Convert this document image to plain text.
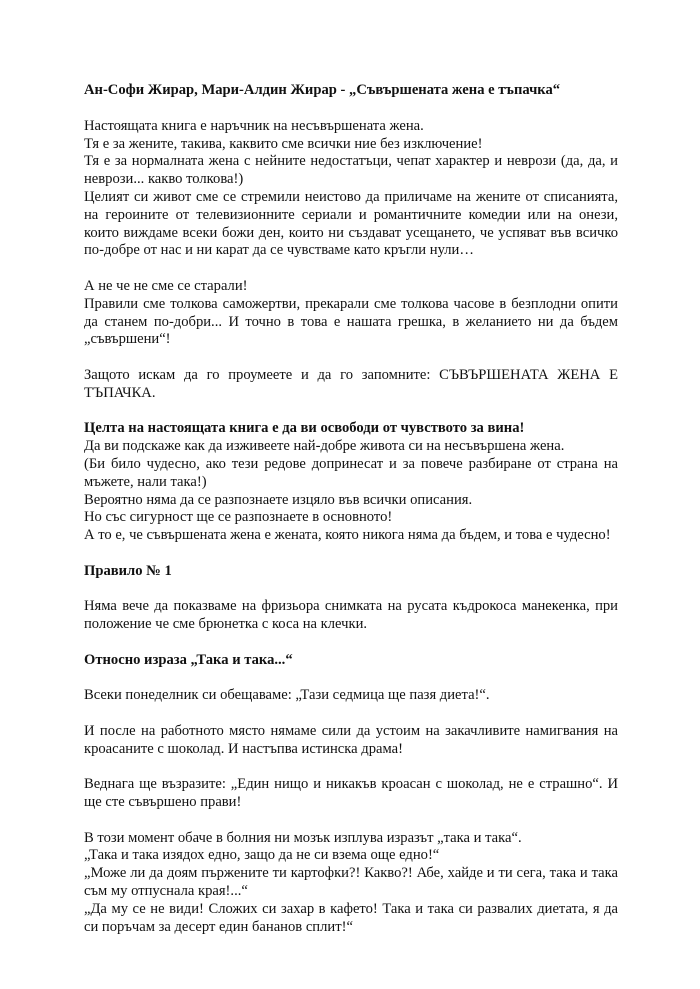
Ан-Софи Жирар, Мари-Алдин Жирар - „Съвършената жена е тъпачка“

Настоящата книга е наръчник на несъвършената жена.
Тя е за жените, такива, каквито сме всички ние без изключение!
Тя е за нормалната жена с нейните недостатъци, чепат характер и неврози (да, да, и неврози... какво толкова!)
Целият си живот сме се стремили неистово да приличаме на жените от списанията, на героините от телевизионните сериали и романтичните комедии или на онези, които виждаме всеки божи ден, които ни създават усещането, че успяват във всичко по-добре от нас и ни карат да се чувстваме като кръгли нули…

А не че не сме се старали!
Правили сме толкова саможертви, прекарали сме толкова часове в безплодни опити да станем по-добри... И точно в това е нашата грешка, в желанието ни да бъдем „съвършени“!

Защото искам да го проумеете и да го запомните: СЪВЪРШЕНАТА ЖЕНА Е ТЪПАЧКА.

Целта на настоящата книга е да ви освободи от чувството за вина!
Да ви подскаже как да изживеете най-добре живота си на несъвършена жена.
(Би било чудесно, ако тези редове допринесат и за повече разбиране от страна на мъжете, нали така!)
Вероятно няма да се разпознаете изцяло във всички описания.
Но със сигурност ще се разпознаете в основното!
А то е, че съвършената жена е жената, която никога няма да бъдем, и това е чудесно!

Правило № 1

Няма вече да показваме на фризьора снимката на русата къдрокоса манекенка, при положение че сме брюнетка с коса на клечки.

Относно израза „Така и така...“

Всеки понеделник си обещаваме: „Тази седмица ще пазя диета!“.

И после на работното място нямаме сили да устоим на закачливите намигвания на кроасаните с шоколад. И настъпва истинска драма!

Веднага ще възразите: „Един нищо и никакъв кроасан с шоколад, не е страшно“. И ще сте съвършено прави!

В този момент обаче в болния ни мозък изплува изразът „така и така“.
„Така и така изядох едно, защо да не си взема още едно!“
„Може ли да доям пържените ти картофки?! Какво?! Абе, хайде и ти сега, така и така съм му отпуснала края!...“
„Да му се не види! Сложих си захар в кафето! Така и така си развалих диетата, я да си поръчам за десерт един бананов сплит!“
